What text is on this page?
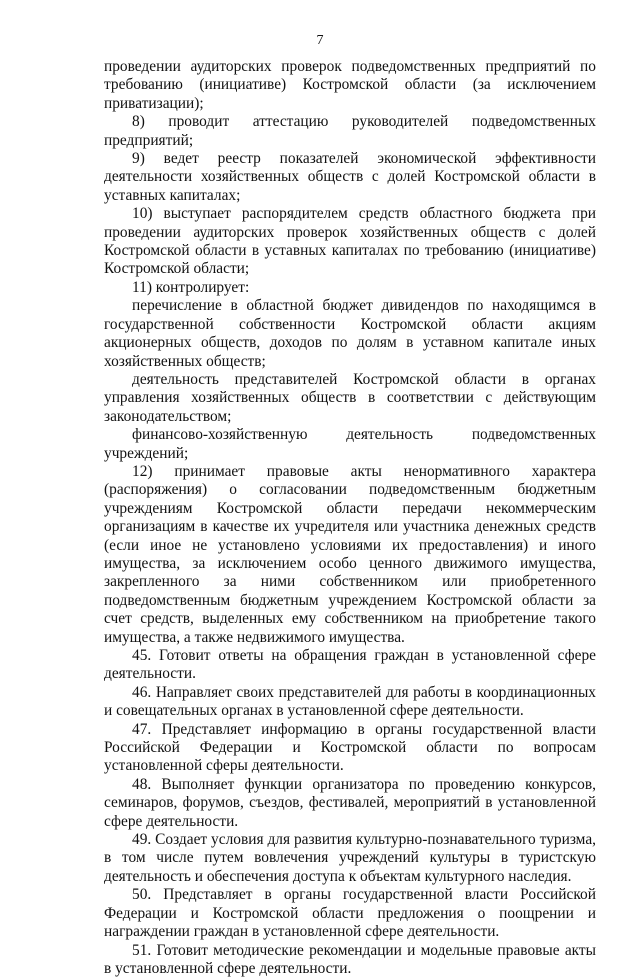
7

проведении аудиторских проверок подведомственных предприятий по требованию (инициативе) Костромской области (за исключением приватизации);

8) проводит аттестацию руководителей подведомственных предприятий;

9) ведет реестр показателей экономической эффективности деятельности хозяйственных обществ с долей Костромской области в уставных капиталах;

10) выступает распорядителем средств областного бюджета при проведении аудиторских проверок хозяйственных обществ с долей Костромской области в уставных капиталах по требованию (инициативе) Костромской области;

11) контролирует:

перечисление в областной бюджет дивидендов по находящимся в государственной собственности Костромской области акциям акционерных обществ, доходов по долям в уставном капитале иных хозяйственных обществ;

деятельность представителей Костромской области в органах управления хозяйственных обществ в соответствии с действующим законодательством;

финансово-хозяйственную деятельность подведомственных учреждений;

12) принимает правовые акты ненормативного характера (распоряжения) о согласовании подведомственным бюджетным учреждениям Костромской области передачи некоммерческим организациям в качестве их учредителя или участника денежных средств (если иное не установлено условиями их предоставления) и иного имущества, за исключением особо ценного движимого имущества, закрепленного за ними собственником или приобретенного подведомственным бюджетным учреждением Костромской области за счет средств, выделенных ему собственником на приобретение такого имущества, а также недвижимого имущества.

45. Готовит ответы на обращения граждан в установленной сфере деятельности.

46. Направляет своих представителей для работы в координационных и совещательных органах в установленной сфере деятельности.

47. Представляет информацию в органы государственной власти Российской Федерации и Костромской области по вопросам установленной сферы деятельности.

48. Выполняет функции организатора по проведению конкурсов, семинаров, форумов, съездов, фестивалей, мероприятий в установленной сфере деятельности.

49. Создает условия для развития культурно-познавательного туризма, в том числе путем вовлечения учреждений культуры в туристскую деятельность и обеспечения доступа к объектам культурного наследия.

50. Представляет в органы государственной власти Российской Федерации и Костромской области предложения о поощрении и награждении граждан в установленной сфере деятельности.

51. Готовит методические рекомендации и модельные правовые акты в установленной сфере деятельности.
